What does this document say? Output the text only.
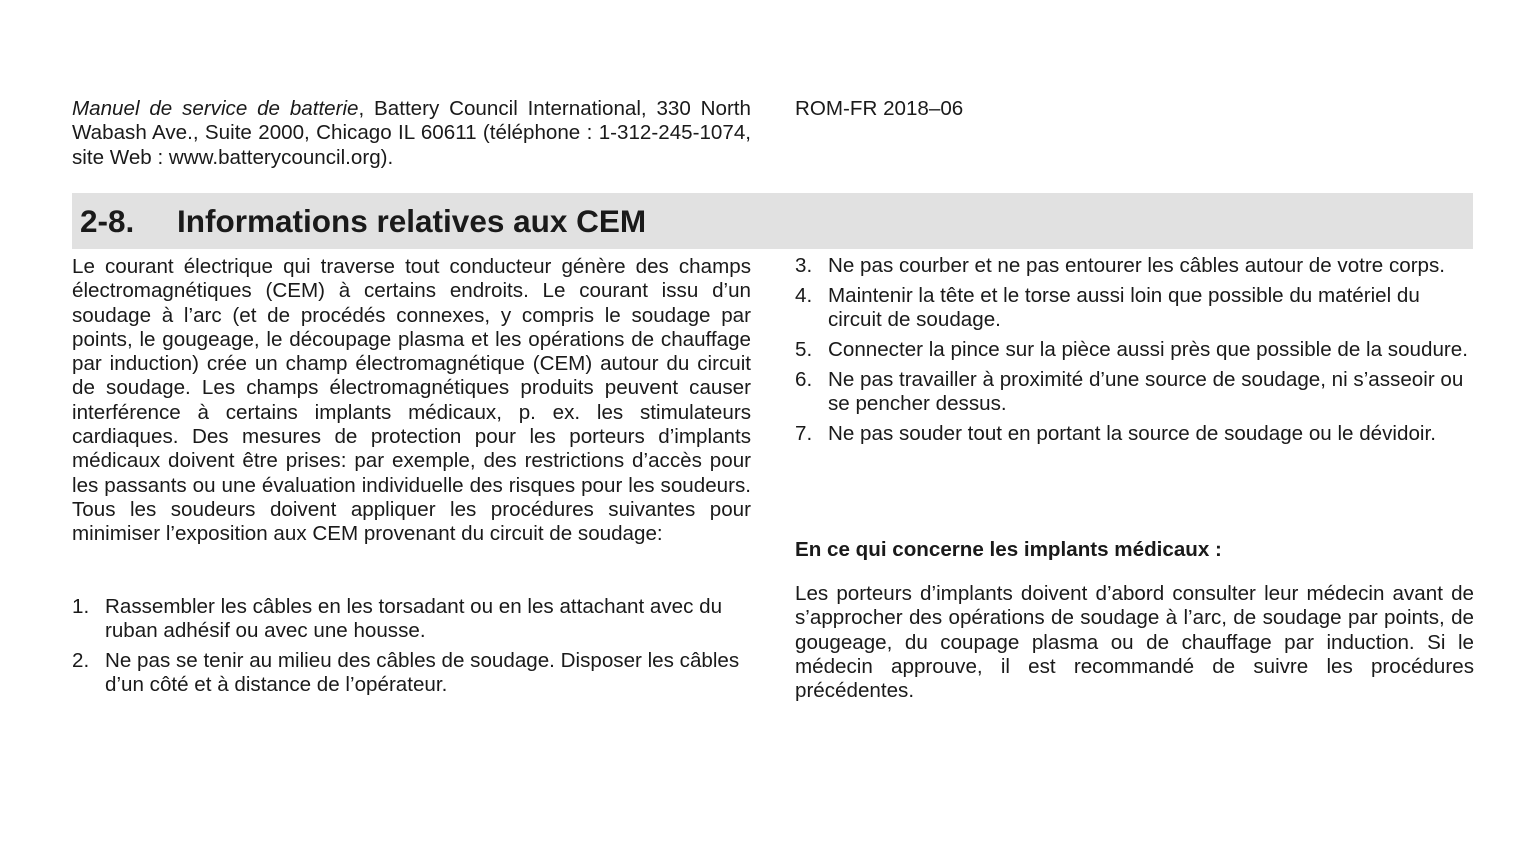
Manuel de service de batterie, Battery Council International, 330 North Wabash Ave., Suite 2000, Chicago IL 60611 (téléphone : 1-312-245-1074, site Web : www.batterycouncil.org).
ROM-FR 2018–06
2-8. Informations relatives aux CEM

Le courant électrique qui traverse tout conducteur génère des champs électromagnétiques (CEM) à certains endroits. Le courant issu d’un soudage à l’arc (et de procédés connexes, y compris le soudage par points, le gougeage, le découpage plasma et les opérations de chauffage par induction) crée un champ électromagnétique (CEM) autour du circuit de soudage. Les champs électromagnétiques produits peuvent causer interférence à certains implants médicaux, p. ex. les stimulateurs cardiaques. Des mesures de protection pour les porteurs d’implants médicaux doivent être prises: par exemple, des restrictions d’accès pour les passants ou une évaluation individuelle des risques pour les soudeurs. Tous les soudeurs doivent appliquer les procédures suivantes pour minimiser l’exposition aux CEM provenant du circuit de soudage:

1. Rassembler les câbles en les torsadant ou en les attachant avec du ruban adhésif ou avec une housse.
2. Ne pas se tenir au milieu des câbles de soudage. Disposer les câbles d’un côté et à distance de l’opérateur.
3. Ne pas courber et ne pas entourer les câbles autour de votre corps.
4. Maintenir la tête et le torse aussi loin que possible du matériel du circuit de soudage.
5. Connecter la pince sur la pièce aussi près que possible de la soudure.
6. Ne pas travailler à proximité d’une source de soudage, ni s’asseoir ou se pencher dessus.
7. Ne pas souder tout en portant la source de soudage ou le dévidoir.
En ce qui concerne les implants médicaux :

Les porteurs d’implants doivent d’abord consulter leur médecin avant de s’approcher des opérations de soudage à l’arc, de soudage par points, de gougeage, du coupage plasma ou de chauffage par induction. Si le médecin approuve, il est recommandé de suivre les procédures précédentes.
